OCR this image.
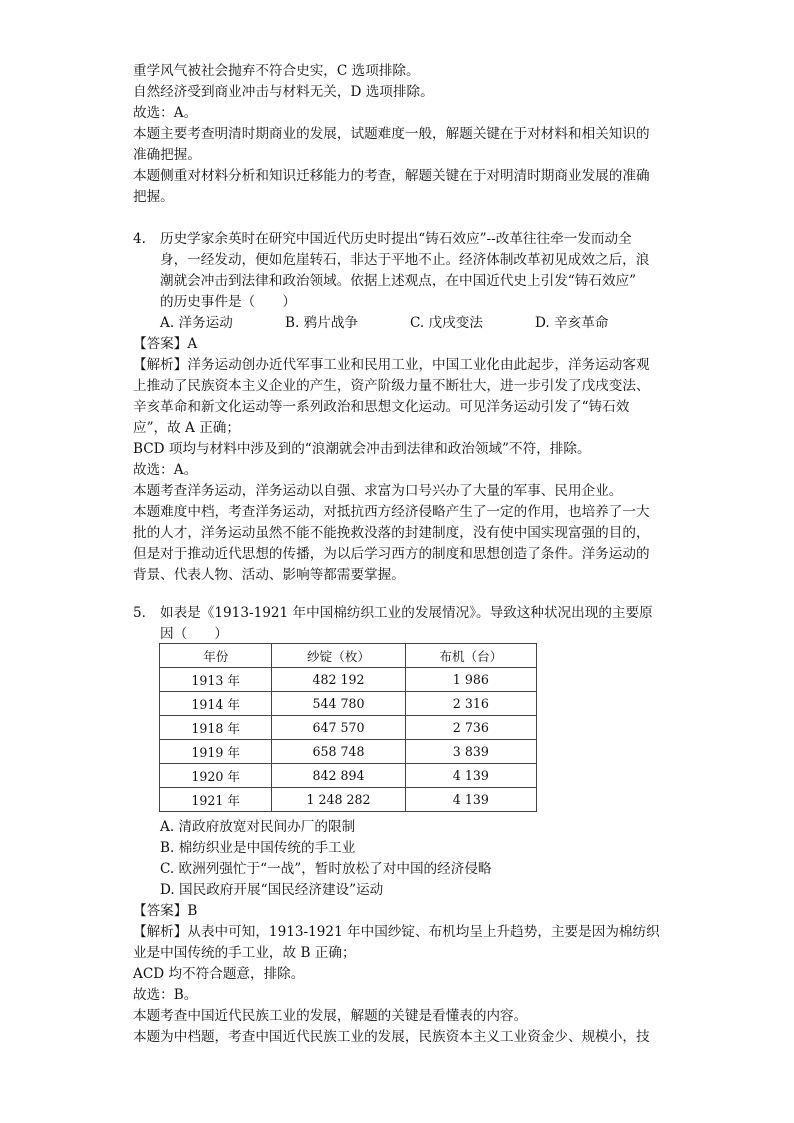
重学风气被社会抛弃不符合史实，C 选项排除。
自然经济受到商业冲击与材料无关，D 选项排除。
故选：A。
本题主要考查明清时期商业的发展，试题难度一般，解题关键在于对材料和相关知识的
准确把握。
本题侧重对材料分析和知识迁移能力的考查，解题关键在于对明清时期商业发展的准确
把握。
4. 历史学家余英时在研究中国近代历史时提出“铸石效应”--改革往往牵一发而动全
身，一经发动，便如危崖转石，非达于平地不止。经济体制改革初见成效之后，浪
潮就会冲击到法律和政治领域。依据上述观点，在中国近代史上引发“铸石效应”
的历史事件是（　　）
A. 洋务运动	B. 鸦片战争	C. 戊戌变法	D. 辛亥革命
【答案】A
【解析】洋务运动创办近代军事工业和民用工业，中国工业化由此起步，洋务运动客观
上推动了民族资本主义企业的产生，资产阶级力量不断壮大，进一步引发了戊戌变法、
辛亥革命和新文化运动等一系列政治和思想文化运动。可见洋务运动引发了“铸石效
应”，故 A 正确；
BCD 项均与材料中涉及到的“浪潮就会冲击到法律和政治领域”不符，排除。
故选：A。
本题考查洋务运动，洋务运动以自强、求富为口号兴办了大量的军事、民用企业。
本题难度中档，考查洋务运动，对抵抗西方经济侵略产生了一定的作用，也培养了一大
批的人才，洋务运动虽然不能不能挽救没落的封建制度，没有使中国实现富强的目的，
但是对于推动近代思想的传播，为以后学习西方的制度和思想创造了条件。洋务运动的
背景、代表人物、活动、影响等都需要掌握。
5. 如表是《1913-1921 年中国棉纺织工业的发展情况》。导致这种状况出现的主要原
因（　　）
年份	纱锭（枚）	布机（台）
1913 年	482 192	1 986
1914 年	544 780	2 316
1918 年	647 570	2 736
1919 年	658 748	3 839
1920 年	842 894	4 139
1921 年	1 248 282	4 139
A. 清政府放宽对民间办厂的限制
B. 棉纺织业是中国传统的手工业
C. 欧洲列强忙于“一战”，暂时放松了对中国的经济侵略
D. 国民政府开展“国民经济建设”运动
【答案】B
【解析】从表中可知，1913-1921 年中国纱锭、布机均呈上升趋势，主要是因为棉纺织
业是中国传统的手工业，故 B 正确；
ACD 均不符合题意，排除。
故选：B。
本题考查中国近代民族工业的发展，解题的关键是看懂表的内容。
本题为中档题，考查中国近代民族工业的发展，民族资本主义工业资金少、规模小，技
